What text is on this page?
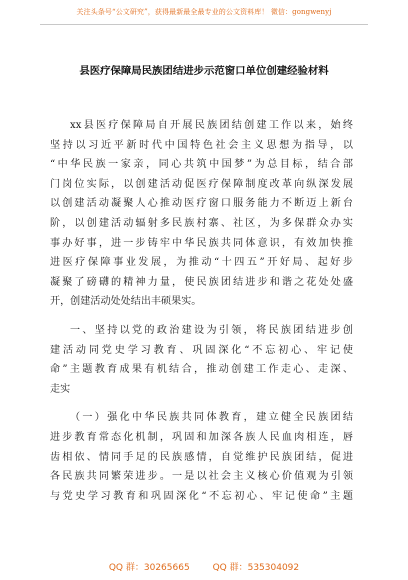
关注头条号“公文研究”，获得最新最全最专业的公文资料库！ 微信：gongwenyj
县医疗保障局民族团结进步示范窗口单位创建经验材料

xx县医疗保障局自开展民族团结创建工作以来，始终
坚持以习近平新时代中国特色社会主义思想为指导，以
“中华民族一家亲，同心共筑中国梦”为总目标，结合部
门岗位实际，以创建活动促医疗保障制度改革向纵深发展
以创建活动凝聚人心推动医疗窗口服务能力不断迈上新台
阶，以创建活动辐射多民族村寨、社区，为多保群众办实
事办好事，进一步铸牢中华民族共同体意识，有效加快推
进医疗保障事业发展，为推动“十四五”开好局、起好步
凝聚了磅礴的精神力量，使民族团结进步和谐之花处处盛
开，创建活动处处结出丰硕果实。

一、坚持以党的政治建设为引领，将民族团结进步创
建活动同党史学习教育、巩固深化“不忘初心、牢记使
命”主题教育成果有机结合，推动创建工作走心、走深、
走实

（一）强化中华民族共同体教育，建立健全民族团结
进步教育常态化机制，巩固和加深各族人民血肉相连，唇
齿相依、情同手足的民族感情，自觉维护民族团结，促进
各民族共同繁荣进步。一是以社会主义核心价值观为引领
与党史学习教育和巩固深化“不忘初心、牢记使命”主题

QQ 群：30265665	QQ 群：535304092
